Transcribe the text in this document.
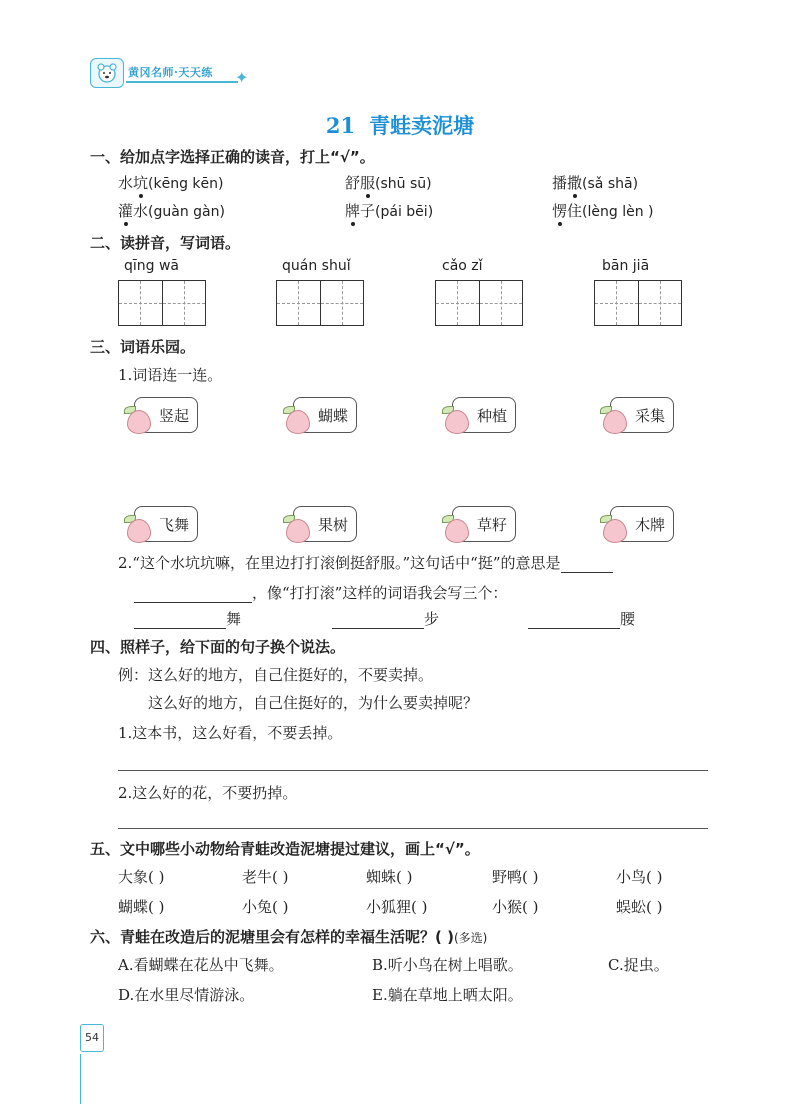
黄冈名师·天天练 ✦
21 青蛙卖泥塘
一、给加点字选择正确的读音，打上“√”。
水坑(kēng kēn)	舒服(shū sū)	播撒(sǎ shā)
灌水(guàn gàn)	牌子(pái bēi)	愣住(lèng lèn )
二、读拼音，写词语。
qīng wā	quán shuǐ	cǎo zǐ	bān jiā
三、词语乐园。
1.词语连一连。
竖起	蝴蝶	种植	采集
飞舞	果树	草籽	木牌
2.“这个水坑坑嘛，在里边打打滚倒挺舒服。”这句话中“挺”的意思是
，像“打打滚”这样的词语我会写三个：
舞	步	腰
四、照样子，给下面的句子换个说法。
例：这么好的地方，自己住挺好的，不要卖掉。
这么好的地方，自己住挺好的，为什么要卖掉呢？
1.这本书，这么好看，不要丢掉。
2.这么好的花，不要扔掉。
五、文中哪些小动物给青蛙改造泥塘提过建议，画上“√”。
大象( )	老牛( )	蜘蛛( )	野鸭( )	小鸟( )
蝴蝶( )	小兔( )	小狐狸( )	小猴( )	蜈蚣( )
六、青蛙在改造后的泥塘里会有怎样的幸福生活呢？( )(多选)
A.看蝴蝶在花丛中飞舞。	B.听小鸟在树上唱歌。	C.捉虫。
D.在水里尽情游泳。	E.躺在草地上晒太阳。
54
